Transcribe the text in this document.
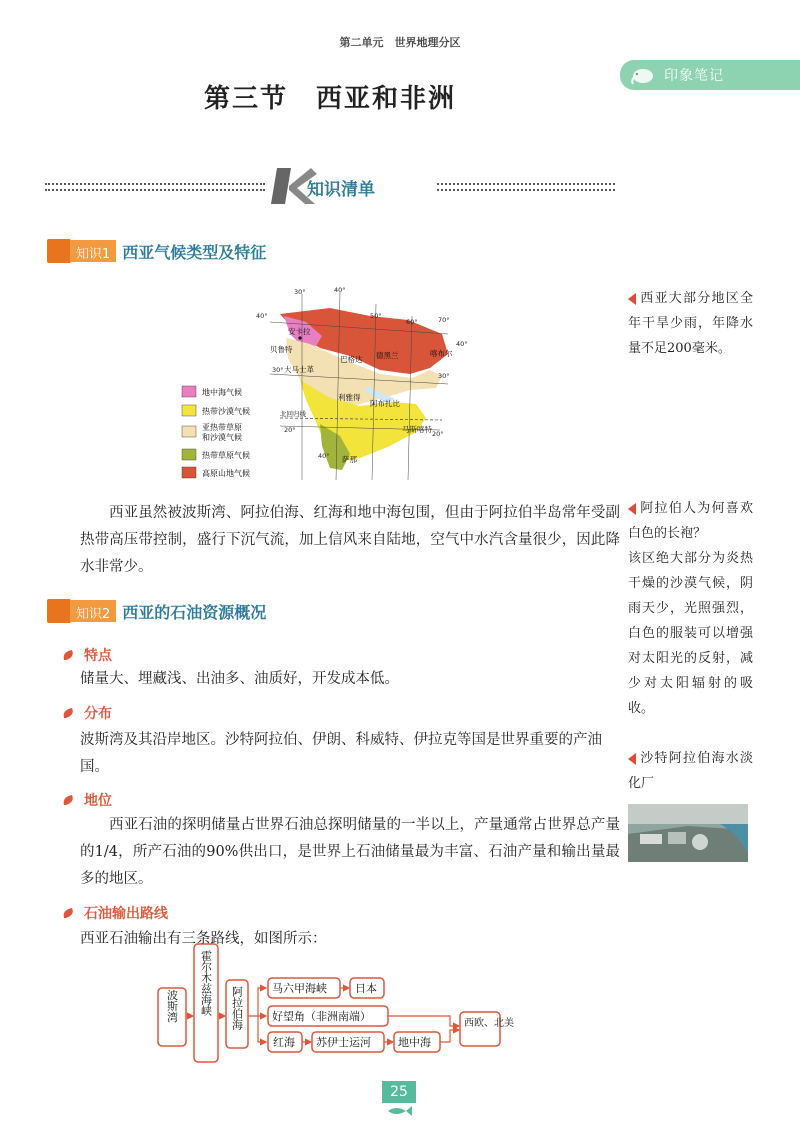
第二单元　世界地理分区
印象笔记
第三节　西亚和非洲
知识清单
知识1 西亚气候类型及特征
地中海气候
热带沙漠气候
亚热带草原
和沙漠气候
热带草原气候
高原山地气候
30°	40°
50°
60°	70°
40°
30°
20°
40°
30°
20°
40°
安卡拉
贝鲁特
大马士革
巴格达 德黑兰	喀布尔
利雅得
阿布扎比
马斯喀特
萨那
北回归线
西亚虽然被波斯湾、阿拉伯海、红海和地中海包围，但由于阿拉伯半岛常年受副热带高压带控制，盛行下沉气流，加上信风来自陆地，空气中水汽含量很少，因此降水非常少。
知识2 西亚的石油资源概况
特点
储量大、埋藏浅、出油多、油质好，开发成本低。
分布
波斯湾及其沿岸地区。沙特阿拉伯、伊朗、科威特、伊拉克等国是世界重要的产油国。
地位
西亚石油的探明储量占世界石油总探明储量的一半以上，产量通常占世界总产量的1/4，所产石油的90%供出口，是世界上石油储量最为丰富、石油产量和输出量最多的地区。
石油输出路线
西亚石油输出有三条路线，如图所示：
波斯湾 霍尔木兹海峡 阿拉伯海	马六甲海峡	日本
好望角（非洲南端）
红海 苏伊士运河 地中海
西欧、北美
西亚大部分地区全年干旱少雨，年降水量不足200毫米。
阿拉伯人为何喜欢白色的长袍？
该区绝大部分为炎热干燥的沙漠气候，阴雨天少，光照强烈，白色的服装可以增强对太阳光的反射，减少对太阳辐射的吸收。
沙特阿拉伯海水淡化厂
25
